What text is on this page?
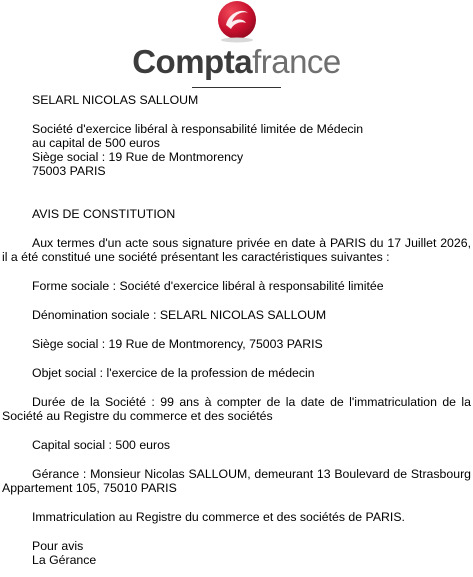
Comptafrance

SELARL NICOLAS SALLOUM

Société d'exercice libéral à responsabilité limitée de Médecin

au capital de 500 euros

Siège social : 19 Rue de Montmorency

75003 PARIS

AVIS DE CONSTITUTION

Aux termes d'un acte sous signature privée en date à PARIS du 17 Juillet 2026, il a été constitué une société présentant les caractéristiques suivantes :

Forme sociale : Société d'exercice libéral à responsabilité limitée

Dénomination sociale : SELARL NICOLAS SALLOUM

Siège social : 19 Rue de Montmorency, 75003 PARIS

Objet social : l'exercice de la profession de médecin

Durée de la Société : 99 ans à compter de la date de l'immatriculation de la Société au Registre du commerce et des sociétés

Capital social : 500 euros

Gérance : Monsieur Nicolas SALLOUM, demeurant 13 Boulevard de Strasbourg Appartement 105, 75010 PARIS

Immatriculation au Registre du commerce et des sociétés de PARIS.

Pour avis

La Gérance
